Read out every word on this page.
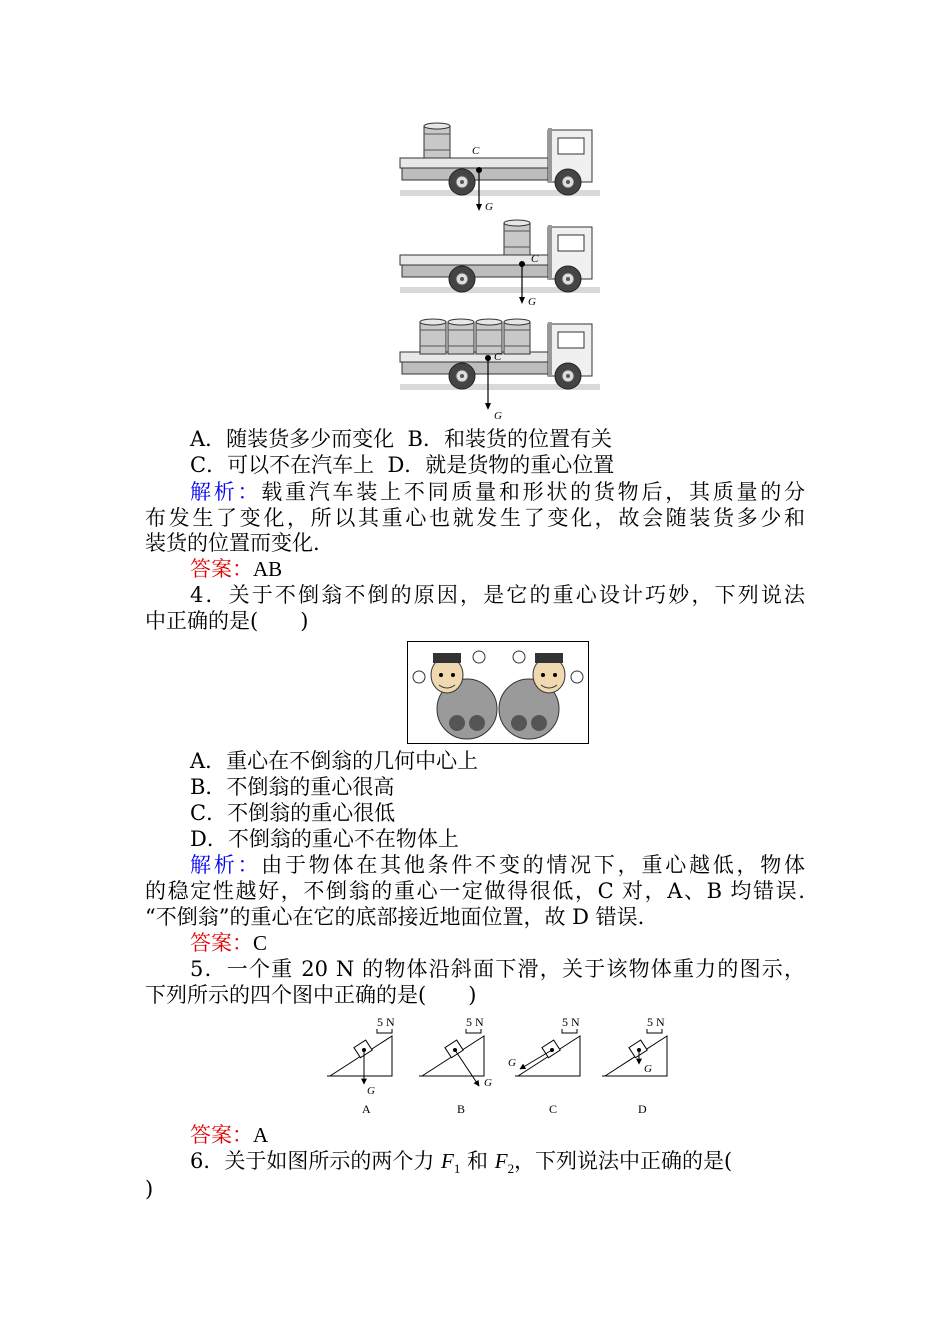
C
G
C
G
C
G
A．随装货多少而变化 B．和装货的位置有关
C．可以不在汽车上 D．就是货物的重心位置
解析：载重汽车装上不同质量和形状的货物后，其质量的分
布发生了变化，所以其重心也就发生了变化，故会随装货多少和
装货的位置而变化.
答案：AB
4．关于不倒翁不倒的原因，是它的重心设计巧妙，下列说法
中正确的是(　　)
A．重心在不倒翁的几何中心上
B．不倒翁的重心很高
C．不倒翁的重心很低
D．不倒翁的重心不在物体上
解析：由于物体在其他条件不变的情况下，重心越低，物体
的稳定性越好，不倒翁的重心一定做得很低，C 对，A、B 均错误.
“不倒翁”的重心在它的底部接近地面位置，故 D 错误.
答案：C
5．一个重 20 N 的物体沿斜面下滑，关于该物体重力的图示，
下列所示的四个图中正确的是(　　)
5 N
G
A
5 N
G
B
5 N
G
C
5 N
G
D
答案：A
6．关于如图所示的两个力 $F_1$ 和 $F_2$，下列说法中正确的是(
)
